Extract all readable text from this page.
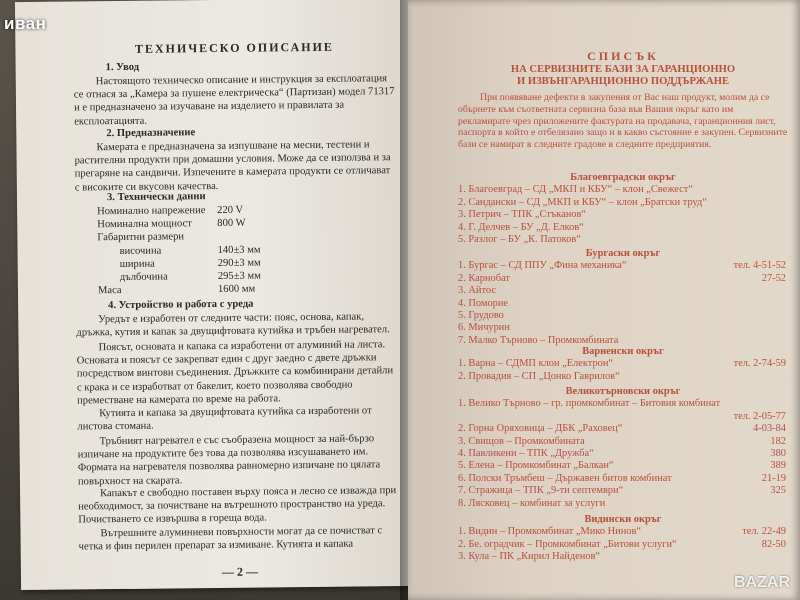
ТЕХНИЧЕСКО ОПИСАНИЕ
1. Увод
Настоящото техническо описание и инструкция за експлоатация се отнася за „Камера за пушене електрическа“ (Партизан) модел 71317 и е предназначено за изучаване на изделието и правилата за експлоатацията.
2. Предназначение
Камерата е предназначена за изпушване на месни, тестени и растителни продукти при домашни условия. Може да се използва и за прегаряне на сандвичи. Изпечените в камерата продукти се отличават с високите си вкусови качества.
3. Технически данни
Номинално напрежение	220 V
Номинална мощност	800 W
Габаритни размери
височина	140±3 мм
ширина	290±3 мм
дълбочина	295±3 мм
Маса	1600 мм
4. Устройство и работа с уреда
Уредът е изработен от следните части: пояс, основа, капак, дръжка, кутия и капак за двущифтовата кутийка и тръбен нагревател.
Поясът, основата и капака са изработени от алуминий на листа. Основата и поясът се закрепват един с друг заедно с двете дръжки посредством винтови съединения. Дръжките са комбинирани детайли с крака и се изработват от бакелит, което позволява свободно преместване на камерата по време на работа.
Кутията и капака за двущифтовата кутийка са изработени от листова стомана.
Тръбният нагревател е със съобразена мощност за най-бързо изпичане на продуктите без това да позволява изсушаването им. Формата на нагревателя позволява равномерно изпичане по цялата повърхност на скарата.
Капакът е свободно поставен върху пояса и лесно се изважда при необходимост, за почистване на вътрешното пространство на уреда. Почистването се извършва в гореща вода.
Вътрешните алуминиеви повърхности могат да се почистват с четка и фин перилен препарат за измиване. Кутията и капака
— 2 —
СПИСЪК
НА СЕРВИЗНИТЕ БАЗИ ЗА ГАРАНЦИОННО
И ИЗВЪНГАРАНЦИОННО ПОДДЪРЖАНЕ
При появяване дефекти в закупения от Вас наш продукт, молим да се обърнете към съответната сервизна база във Вашия окръг като им рекламирате чрез приложените фактурата на продавача, гаранционния лист, паспорта в който е отбелязано защо и в какво състояние е закупен. Сервизните бази се намират в следните градове в следните предприятия.
Благоевградски окръг
1. Благоевград – СД „МКП и КБУ“ – клон „Свежест“
2. Сандански – СД „МКП и КБУ“ – клон „Братски труд“
3. Петрич – ТПК „Стъканов“
4. Г. Делчев – БУ „Д. Елков“
5. Разлог – БУ „К. Патоков“
Бургаски окръг
1. Бургас – СД ППУ „Фина механика“	тел. 4-51-52
2. Карнобат	27-52
3. Айтос
4. Поморие
5. Грудово
6. Мичурин
7. Малко Търново – Промкомбината
Варненски окръг
1. Варна – СДМП клон „Електрон“	тел. 2-74-59
2. Провадия – СП „Цонко Гаврилов“
Великотърновски окръг
1. Велико Търново – гр. промкомбинат – Битовия комбинат
тел. 2-05-77
2. Горна Оряховица – ДБК „Раховец“	4-03-84
3. Свищов – Промкомбината	182
4. Павликени – ТПК „Дружба“	380
5. Елена – Промкомбинат „Балкан“	389
6. Полски Тръмбеш – Държавен битов комбинат	21-19
7. Стражица – ТПК „9-ти септември“	325
8. Лясковец – комбинат за услуги
Видински окръг
1. Видин – Промкомбинат „Мико Нинов“	тел. 22-49
2. Бе. оградчик – Промкомбинат „Битови услуги“	82-50
3. Кула – ПК „Кирил Найденов“
иван
BAZAR
